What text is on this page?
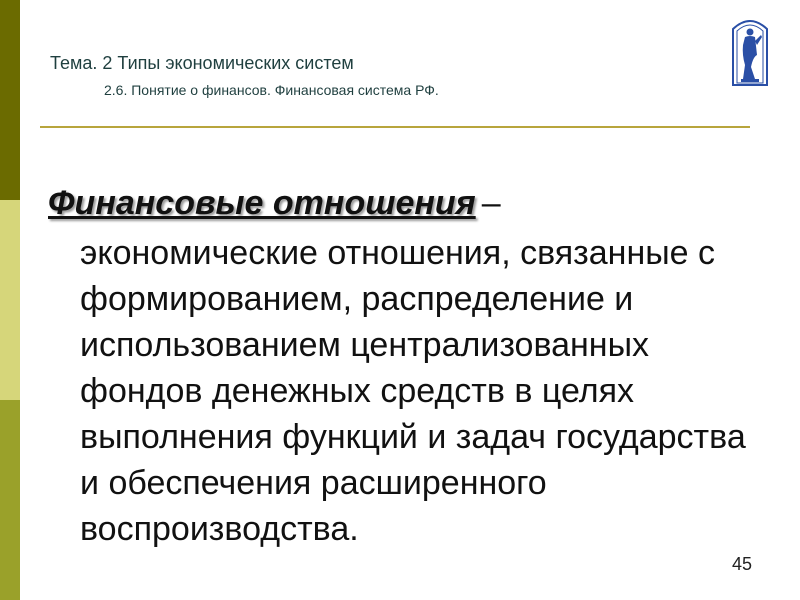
Тема. 2 Типы экономических систем
2.6. Понятие о финансов. Финансовая система РФ.
Финансовые отношения –
экономические отношения, связанные с формированием, распределение и использованием централизованных фондов денежных средств в целях выполнения функций и задач государства и обеспечения расширенного воспроизводства.
45
